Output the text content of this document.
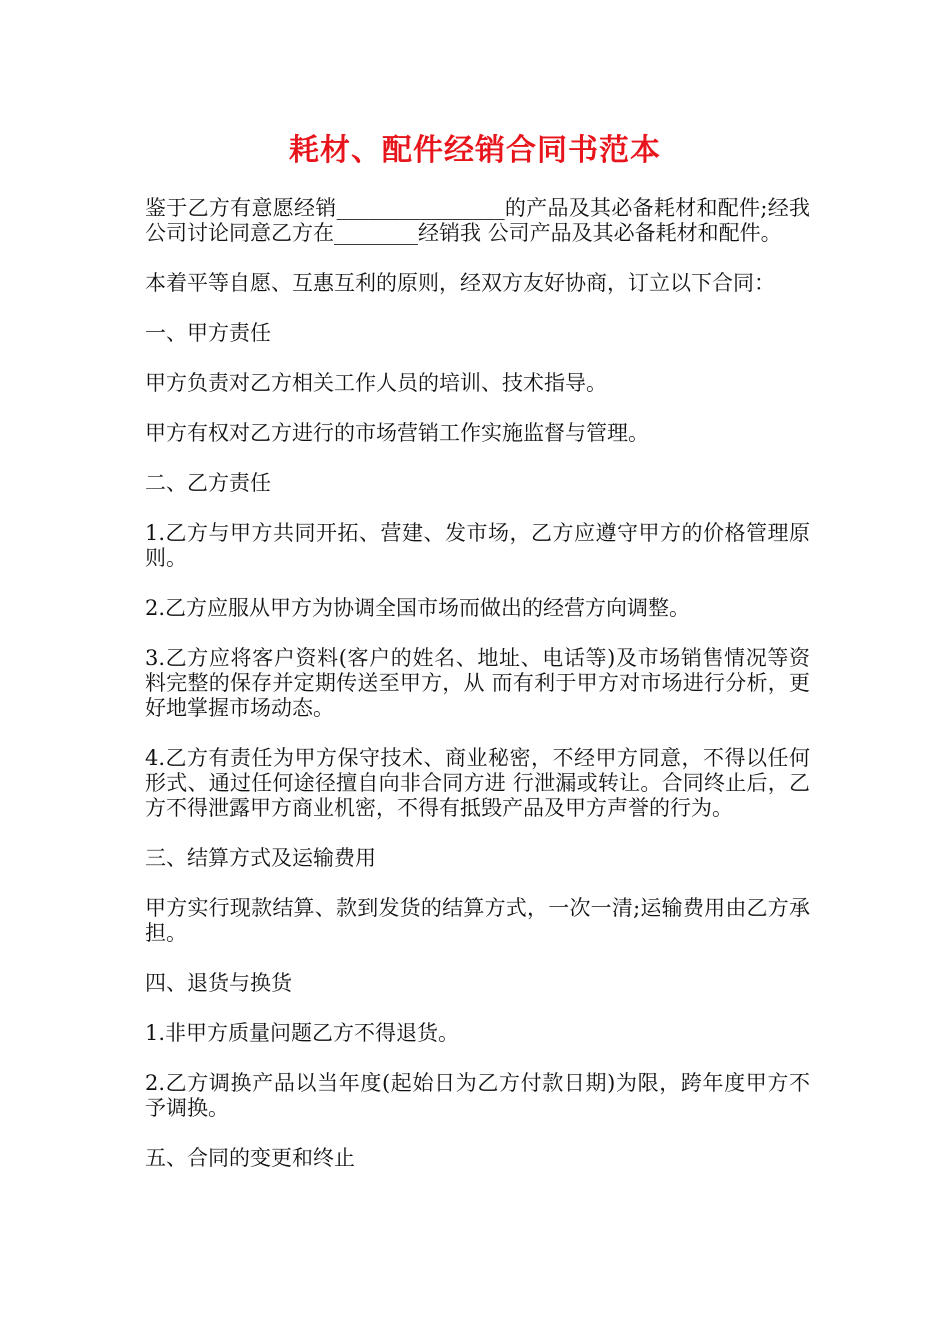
耗材、配件经销合同书范本

鉴于乙方有意愿经销________________的产品及其必备耗材和配件;经我公司讨论同意乙方在________经销我 公司产品及其必备耗材和配件。

本着平等自愿、互惠互利的原则，经双方友好协商，订立以下合同：

一、甲方责任

甲方负责对乙方相关工作人员的培训、技术指导。

甲方有权对乙方进行的市场营销工作实施监督与管理。

二、乙方责任

1.乙方与甲方共同开拓、营建、发市场，乙方应遵守甲方的价格管理原则。

2.乙方应服从甲方为协调全国市场而做出的经营方向调整。

3.乙方应将客户资料(客户的姓名、地址、电话等)及市场销售情况等资料完整的保存并定期传送至甲方，从 而有利于甲方对市场进行分析，更好地掌握市场动态。

4.乙方有责任为甲方保守技术、商业秘密，不经甲方同意，不得以任何形式、通过任何途径擅自向非合同方进 行泄漏或转让。合同终止后，乙方不得泄露甲方商业机密，不得有抵毁产品及甲方声誉的行为。

三、结算方式及运输费用

甲方实行现款结算、款到发货的结算方式，一次一清;运输费用由乙方承担。

四、退货与换货

1.非甲方质量问题乙方不得退货。

2.乙方调换产品以当年度(起始日为乙方付款日期)为限，跨年度甲方不予调换。

五、合同的变更和终止
